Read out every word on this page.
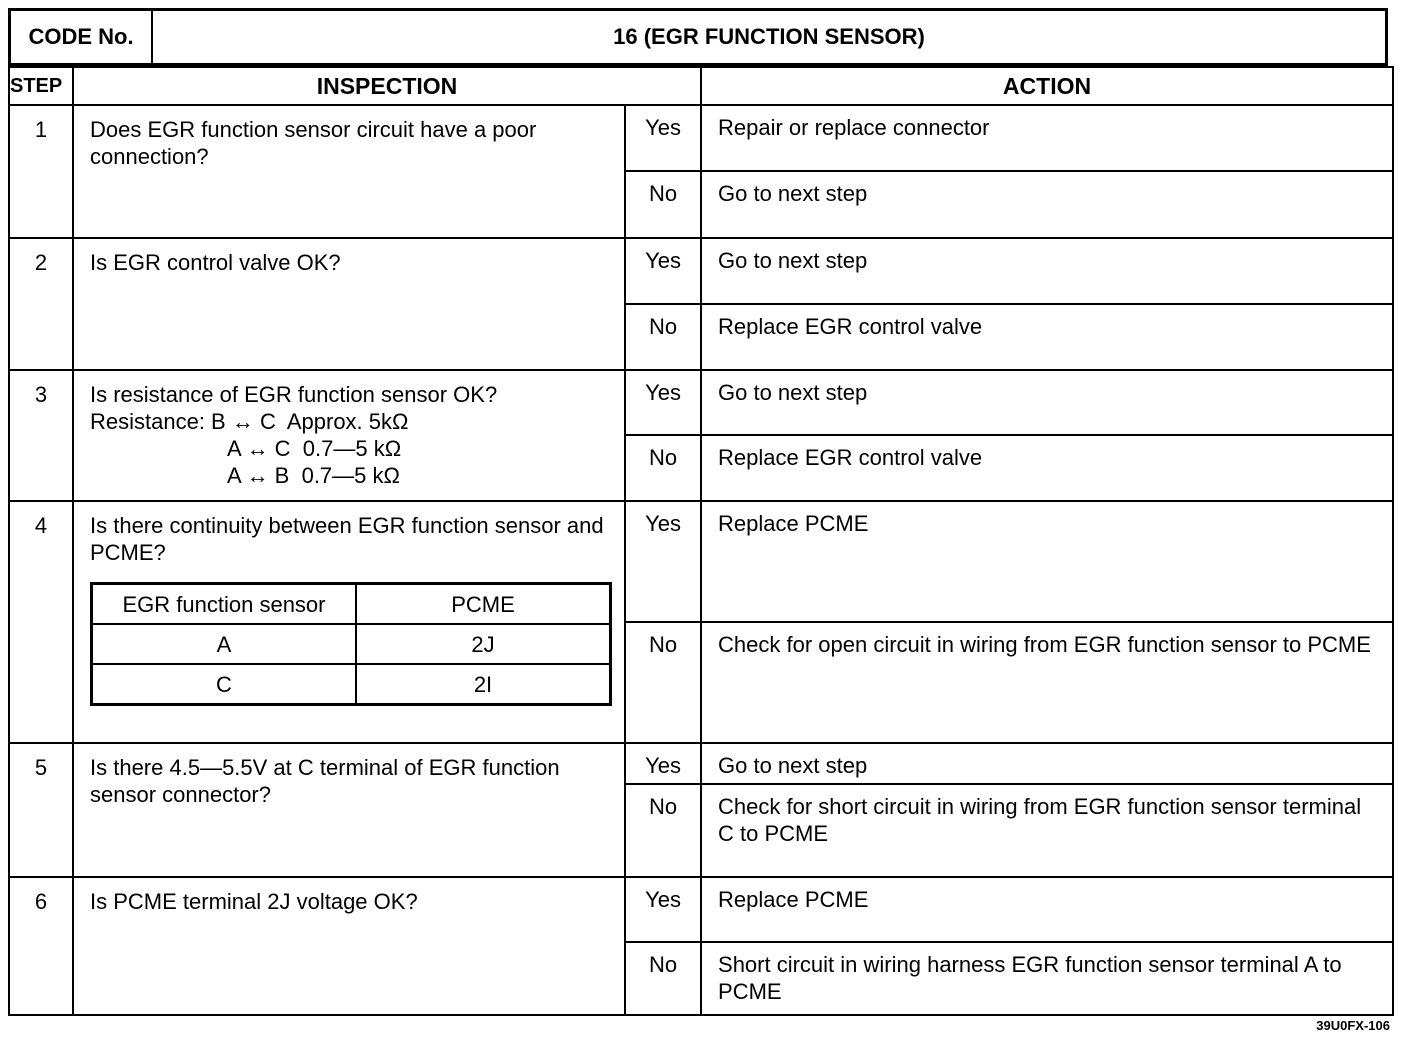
CODE No.	16 (EGR FUNCTION SENSOR)
STEP	INSPECTION	ACTION
1	Does EGR function sensor circuit have a poor connection?	Yes	Repair or replace connector
No	Go to next step
2	Is EGR control valve OK?	Yes	Go to next step
No	Replace EGR control valve
3	Is resistance of EGR function sensor OK?
Resistance: B ↔ C  Approx. 5kΩ
A ↔ C  0.7—5 kΩ
A ↔ B  0.7—5 kΩ
	Yes	Go to next step
No	Replace EGR control valve
4	Is there continuity between EGR function sensor and PCME?
EGR function sensor	PCME
A	2J
C	2I
	Yes	Replace PCME
No	Check for open circuit in wiring from EGR function sensor to PCME
5	Is there 4.5—5.5V at C terminal of EGR function sensor connector?	Yes	Go to next step
No	Check for short circuit in wiring from EGR function sensor terminal C to PCME
6	Is PCME terminal 2J voltage OK?	Yes	Replace PCME
No	Short circuit in wiring harness EGR function sensor terminal A to PCME
39U0FX-106
